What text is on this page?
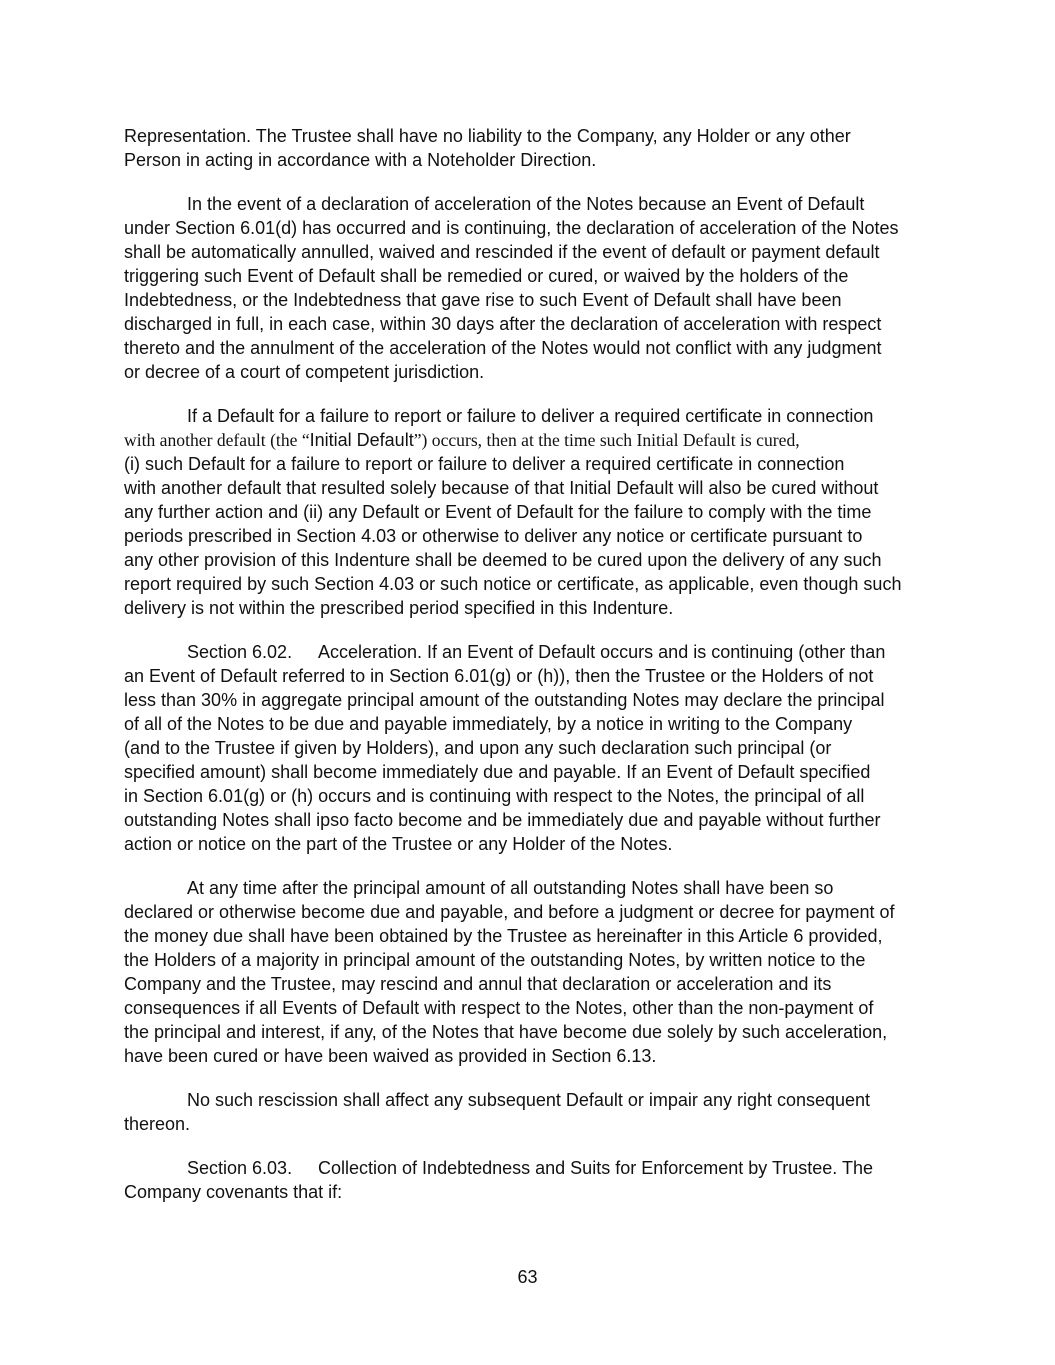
Representation. The Trustee shall have no liability to the Company, any Holder or any other
Person in acting in accordance with a Noteholder Direction.

In the event of a declaration of acceleration of the Notes because an Event of Default
under Section 6.01(d) has occurred and is continuing, the declaration of acceleration of the Notes
shall be automatically annulled, waived and rescinded if the event of default or payment default
triggering such Event of Default shall be remedied or cured, or waived by the holders of the
Indebtedness, or the Indebtedness that gave rise to such Event of Default shall have been
discharged in full, in each case, within 30 days after the declaration of acceleration with respect
thereto and the annulment of the acceleration of the Notes would not conflict with any judgment
or decree of a court of competent jurisdiction.

If a Default for a failure to report or failure to deliver a required certificate in connection
with another default (the “Initial Default”) occurs, then at the time such Initial Default is cured,
(i) such Default for a failure to report or failure to deliver a required certificate in connection
with another default that resulted solely because of that Initial Default will also be cured without
any further action and (ii) any Default or Event of Default for the failure to comply with the time
periods prescribed in Section 4.03 or otherwise to deliver any notice or certificate pursuant to
any other provision of this Indenture shall be deemed to be cured upon the delivery of any such
report required by such Section 4.03 or such notice or certificate, as applicable, even though such
delivery is not within the prescribed period specified in this Indenture.

Section 6.02. Acceleration. If an Event of Default occurs and is continuing (other than
an Event of Default referred to in Section 6.01(g) or (h)), then the Trustee or the Holders of not
less than 30% in aggregate principal amount of the outstanding Notes may declare the principal
of all of the Notes to be due and payable immediately, by a notice in writing to the Company
(and to the Trustee if given by Holders), and upon any such declaration such principal (or
specified amount) shall become immediately due and payable. If an Event of Default specified
in Section 6.01(g) or (h) occurs and is continuing with respect to the Notes, the principal of all
outstanding Notes shall ipso facto become and be immediately due and payable without further
action or notice on the part of the Trustee or any Holder of the Notes.

At any time after the principal amount of all outstanding Notes shall have been so
declared or otherwise become due and payable, and before a judgment or decree for payment of
the money due shall have been obtained by the Trustee as hereinafter in this Article 6 provided,
the Holders of a majority in principal amount of the outstanding Notes, by written notice to the
Company and the Trustee, may rescind and annul that declaration or acceleration and its
consequences if all Events of Default with respect to the Notes, other than the non-payment of
the principal and interest, if any, of the Notes that have become due solely by such acceleration,
have been cured or have been waived as provided in Section 6.13.

No such rescission shall affect any subsequent Default or impair any right consequent
thereon.

Section 6.03. Collection of Indebtedness and Suits for Enforcement by Trustee. The
Company covenants that if:

63
